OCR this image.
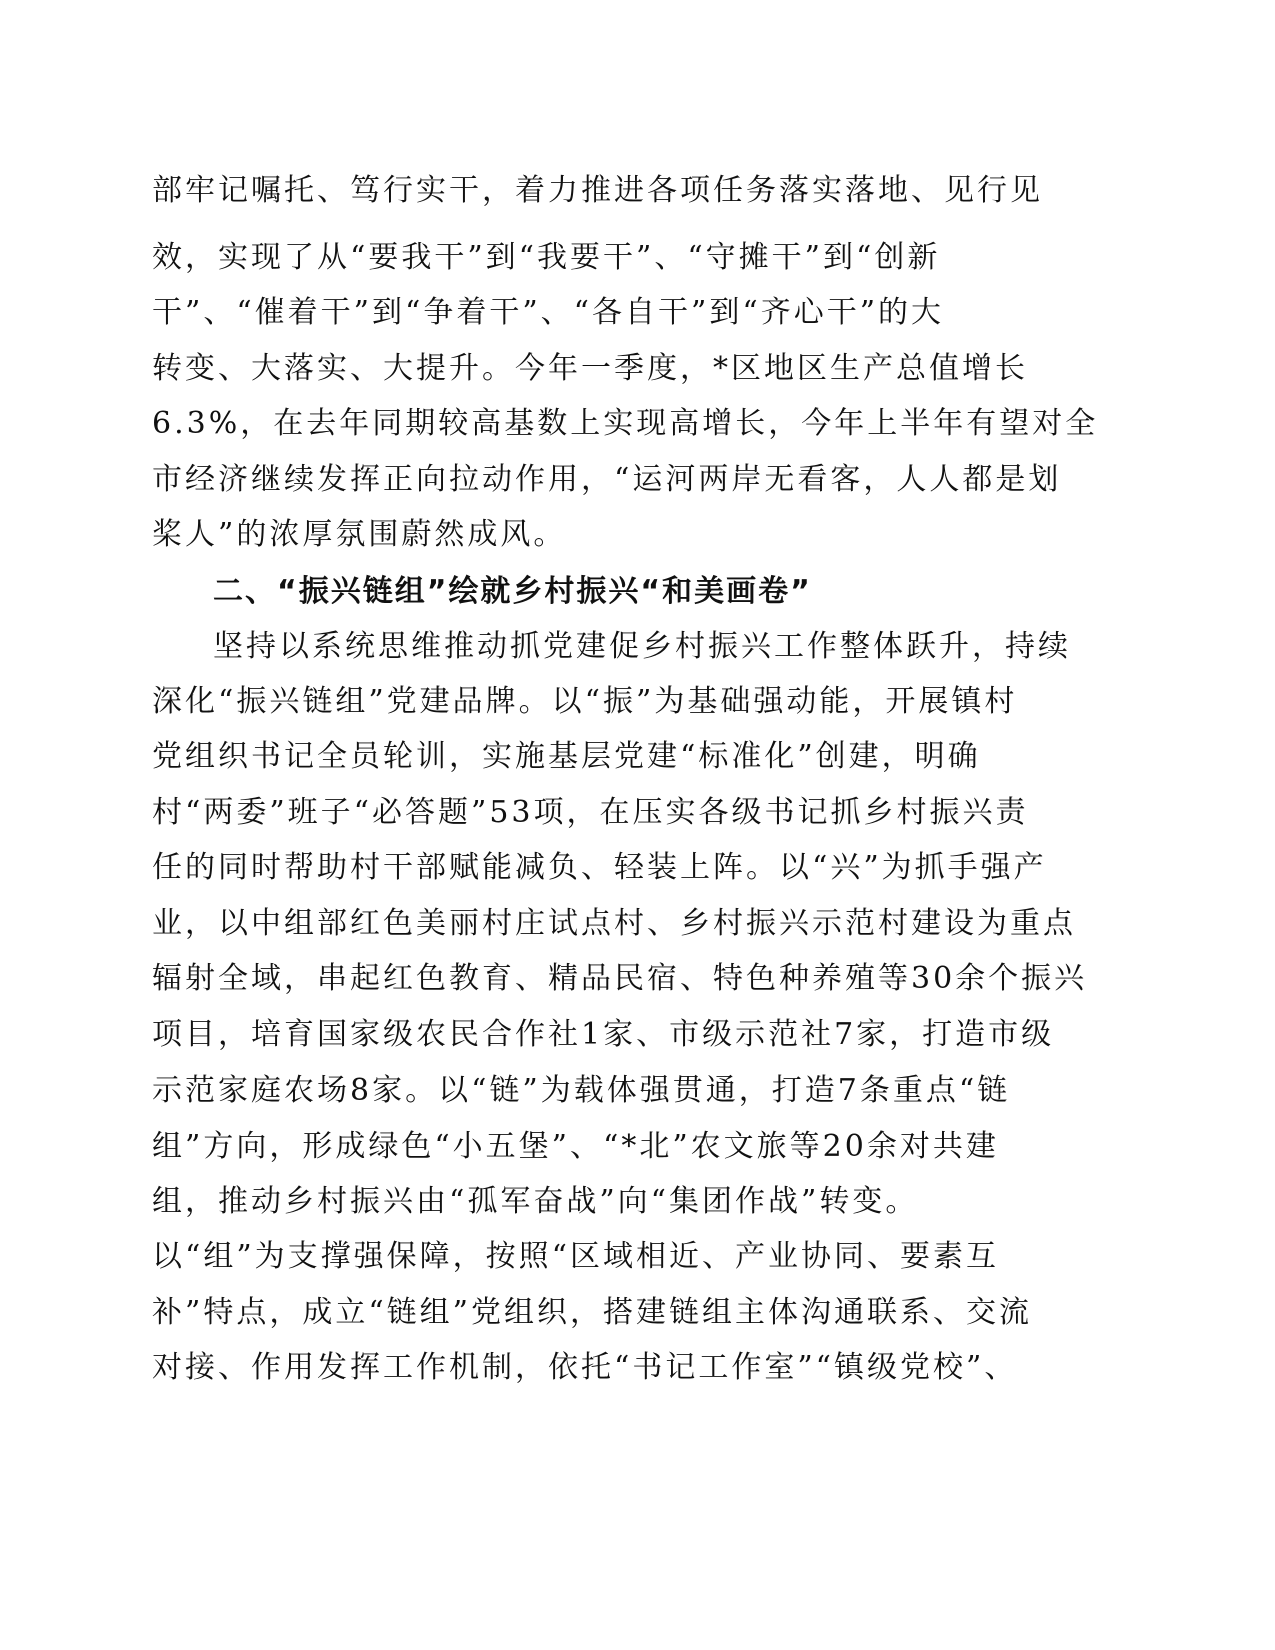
部牢记嘱托、笃行实干，着力推进各项任务落实落地、见行见
效，实现了从“要我干”到“我要干”、“守摊干”到“创新
干”、“催着干”到“争着干”、“各自干”到“齐心干”的大
转变、大落实、大提升。今年一季度，*区地区生产总值增长
6.3%，在去年同期较高基数上实现高增长，今年上半年有望对全
市经济继续发挥正向拉动作用，“运河两岸无看客，人人都是划
桨人”的浓厚氛围蔚然成风。
二、“振兴链组”绘就乡村振兴“和美画卷”
坚持以系统思维推动抓党建促乡村振兴工作整体跃升，持续
深化“振兴链组”党建品牌。以“振”为基础强动能，开展镇村
党组织书记全员轮训，实施基层党建“标准化”创建，明确
村“两委”班子“必答题”53项，在压实各级书记抓乡村振兴责
任的同时帮助村干部赋能减负、轻装上阵。以“兴”为抓手强产
业，以中组部红色美丽村庄试点村、乡村振兴示范村建设为重点
辐射全域，串起红色教育、精品民宿、特色种养殖等30余个振兴
项目，培育国家级农民合作社1家、市级示范社7家，打造市级
示范家庭农场8家。以“链”为载体强贯通，打造7条重点“链
组”方向，形成绿色“小五堡”、“*北”农文旅等20余对共建
组，推动乡村振兴由“孤军奋战”向“集团作战”转变。
以“组”为支撑强保障，按照“区域相近、产业协同、要素互
补”特点，成立“链组”党组织，搭建链组主体沟通联系、交流
对接、作用发挥工作机制，依托“书记工作室”“镇级党校”、
